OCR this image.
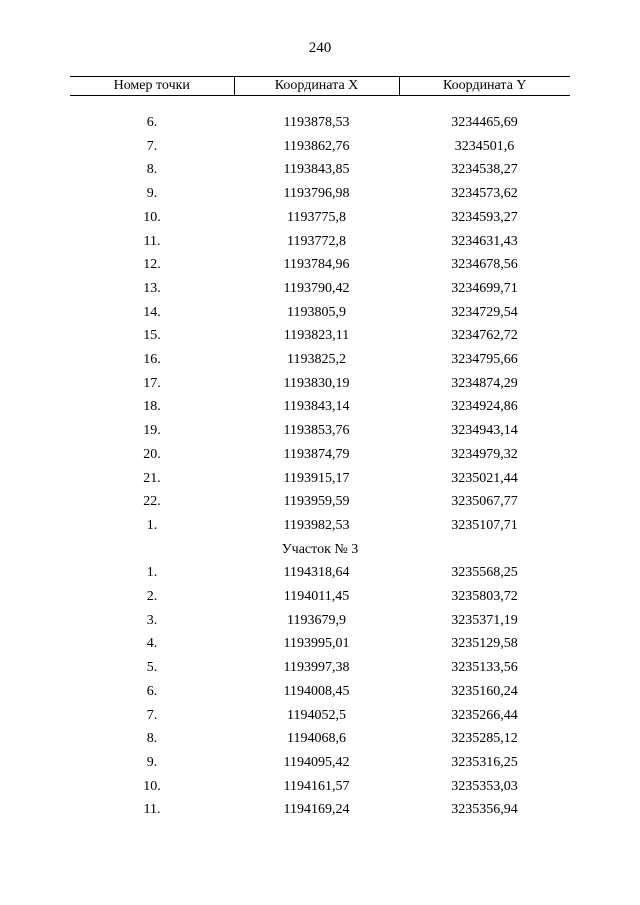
240
Номер точки	Координата X	Координата Y

6.	1193878,53	3234465,69
7.	1193862,76	3234501,6
8.	1193843,85	3234538,27
9.	1193796,98	3234573,62
10.	1193775,8	3234593,27
11.	1193772,8	3234631,43
12.	1193784,96	3234678,56
13.	1193790,42	3234699,71
14.	1193805,9	3234729,54
15.	1193823,11	3234762,72
16.	1193825,2	3234795,66
17.	1193830,19	3234874,29
18.	1193843,14	3234924,86
19.	1193853,76	3234943,14
20.	1193874,79	3234979,32
21.	1193915,17	3235021,44
22.	1193959,59	3235067,77
1.	1193982,53	3235107,71
Участок № 3		
1.	1194318,64	3235568,25
2.	1194011,45	3235803,72
3.	1193679,9	3235371,19
4.	1193995,01	3235129,58
5.	1193997,38	3235133,56
6.	1194008,45	3235160,24
7.	1194052,5	3235266,44
8.	1194068,6	3235285,12
9.	1194095,42	3235316,25
10.	1194161,57	3235353,03
11.	1194169,24	3235356,94
